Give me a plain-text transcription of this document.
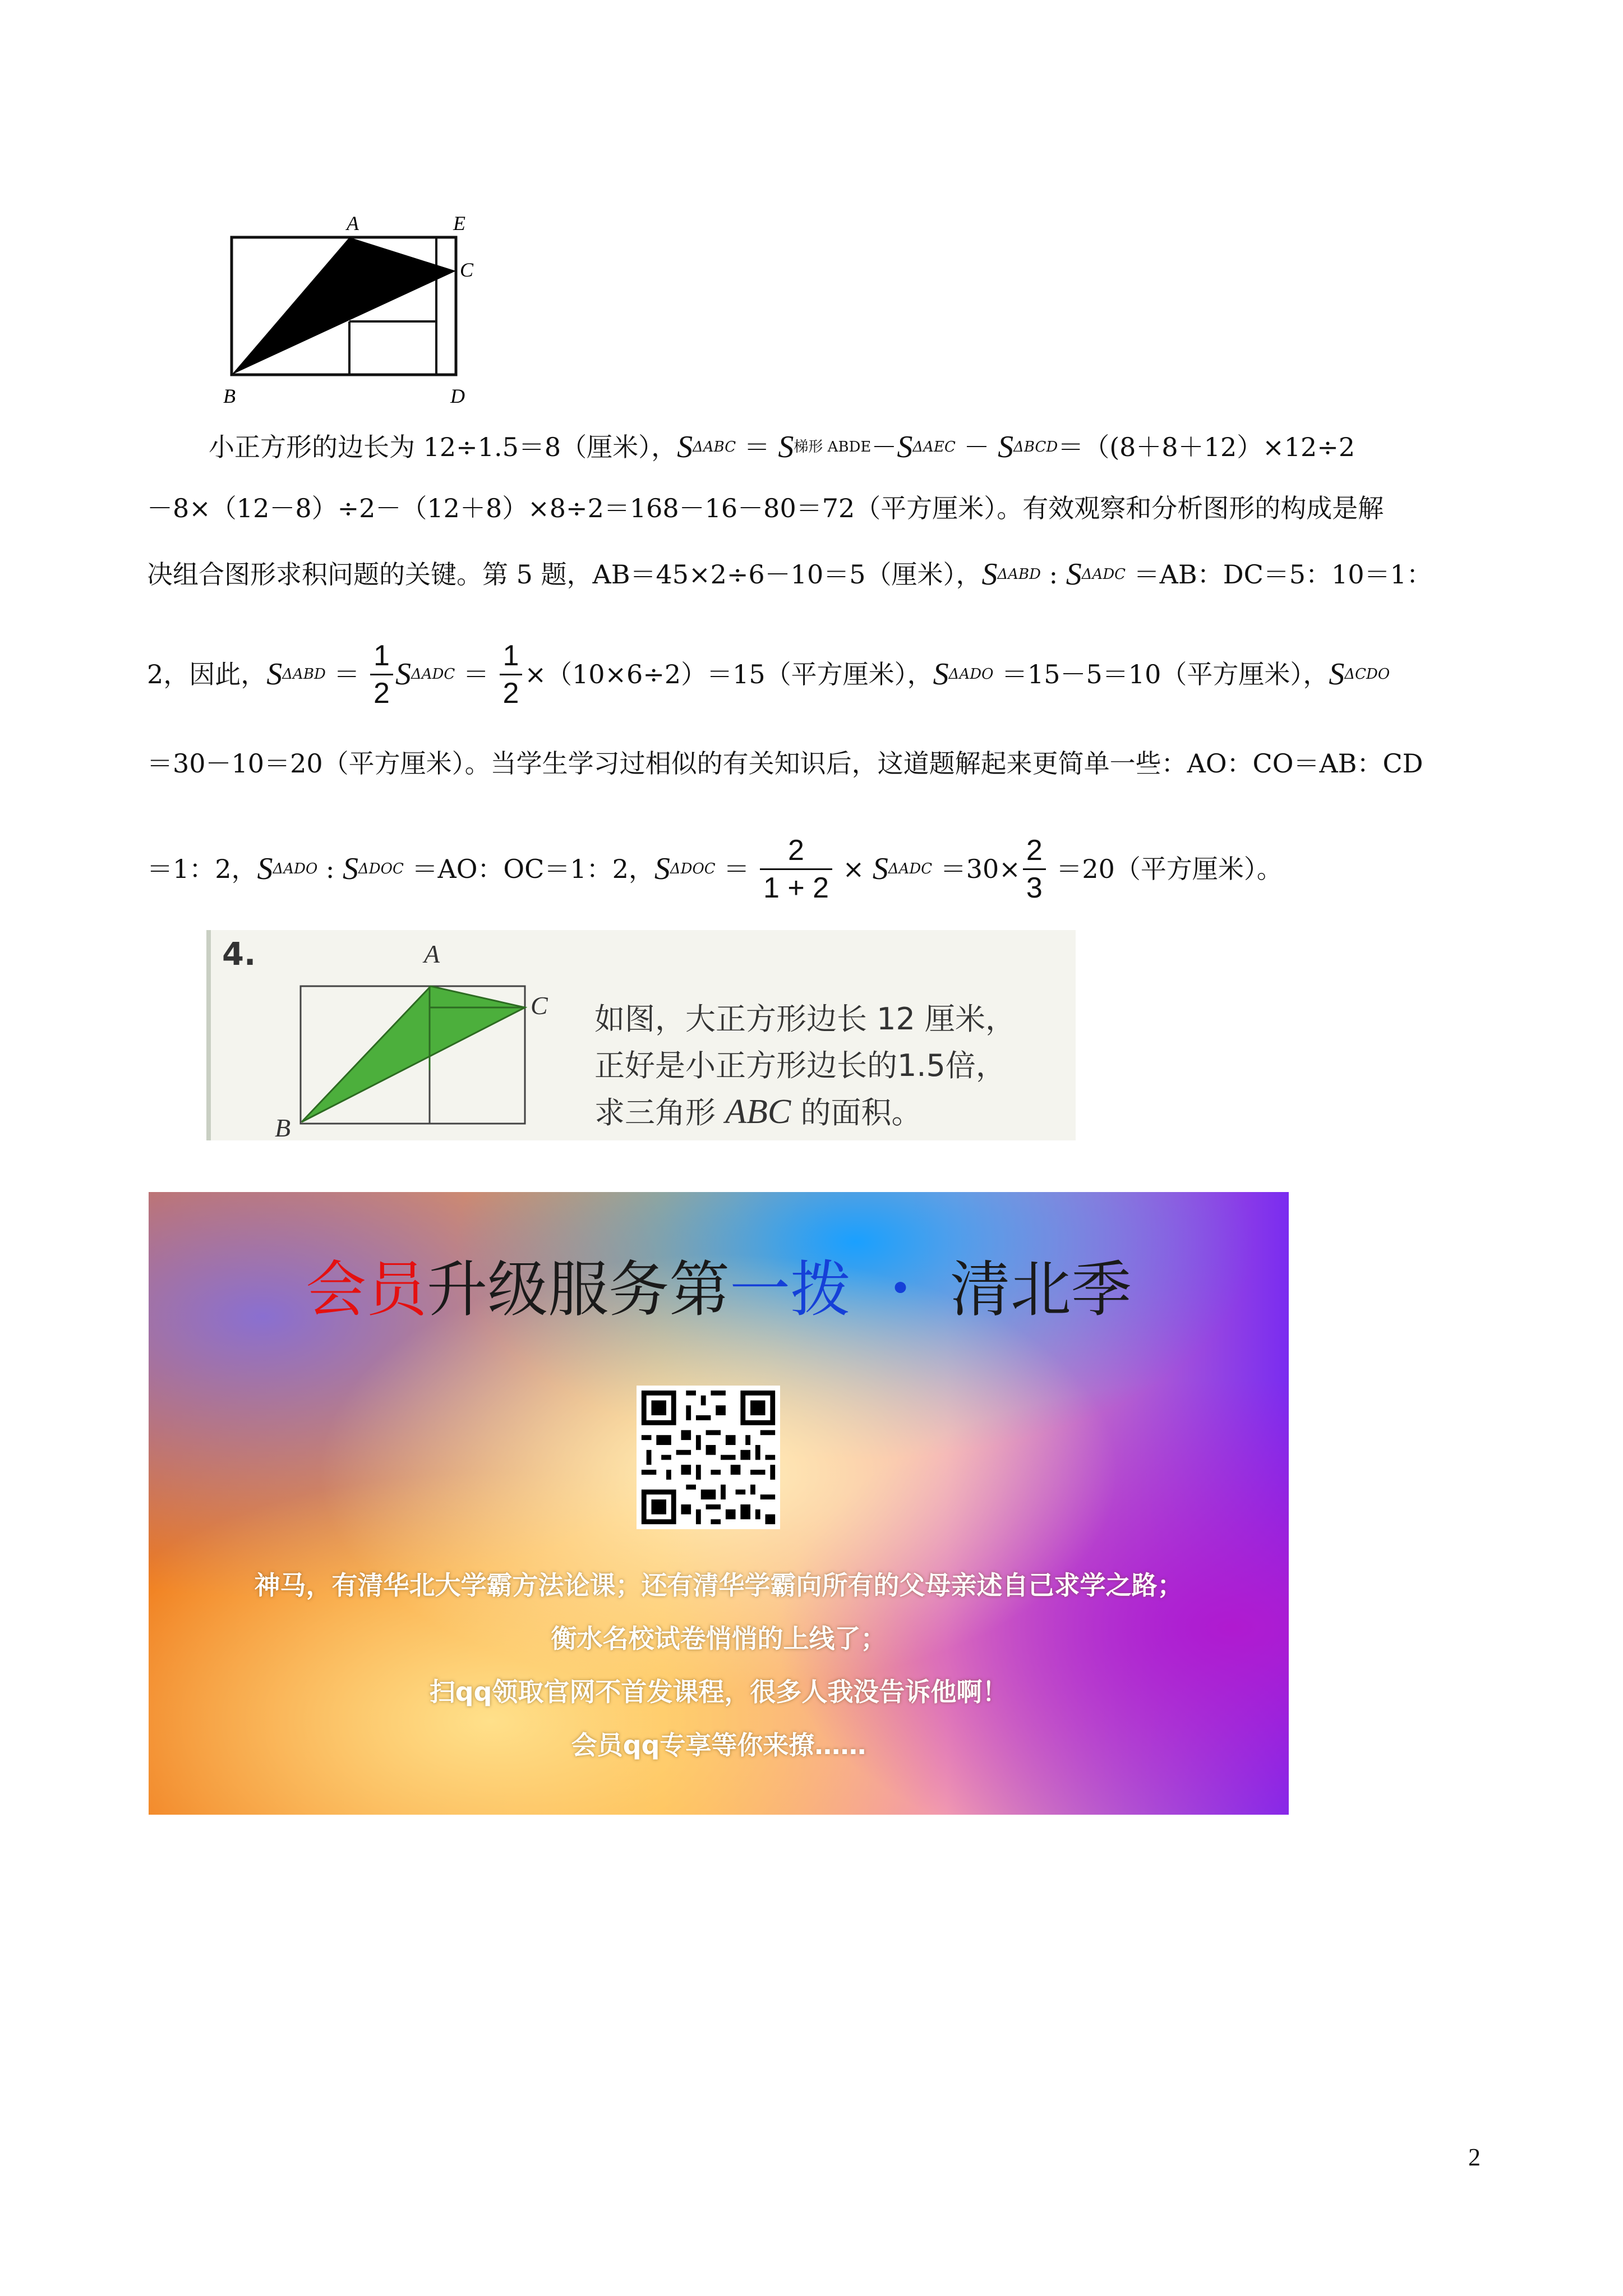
A	E
C
B	D
小正方形的边长为 12÷1.5＝8（厘米），SΔABC ＝ S梯形 ABDE－SΔAEC － SΔBCD＝（(8＋8＋12）×12÷2
－8×（12－8）÷2－（12＋8）×8÷2＝168－16－80＝72（平方厘米）。有效观察和分析图形的构成是解
决组合图形求积问题的关键。第 5 题，AB＝45×2÷6－10＝5（厘米），SΔABD : SΔADC ＝AB：DC＝5：10＝1：
2，因此，$S\Delta ABD = \frac{1}{2}$ $S\Delta ADC = \frac{1}{2} \times(10\times 6\div 2)=15$（平方厘米），SΔADO ＝15－5＝10（平方厘米），SΔCDO
＝30－10＝20（平方厘米）。当学生学习过相似的有关知识后，这道题解起来更简单一些：AO：CO＝AB：CD
＝1：2，SΔADO : SΔDOC ＝AO：OC＝1：2，$S\Delta DOC = \frac{2}{1 + 2} \times S\Delta ADC =30\times \frac{2}{3} =20$（平方厘米）。
4.	A
C
B
如图，大正方形边长 12 厘米，
正好是小正方形边长的1.5倍，
求三角形 ABC 的面积。
会员升级服务第一拨 ・ 清北季
神马，有清华北大学霸方法论课；还有清华学霸向所有的父母亲述自己求学之路；
衡水名校试卷悄悄的上线了；
扫qq领取官网不首发课程，很多人我没告诉他啊！
会员qq专享等你来撩……
2
